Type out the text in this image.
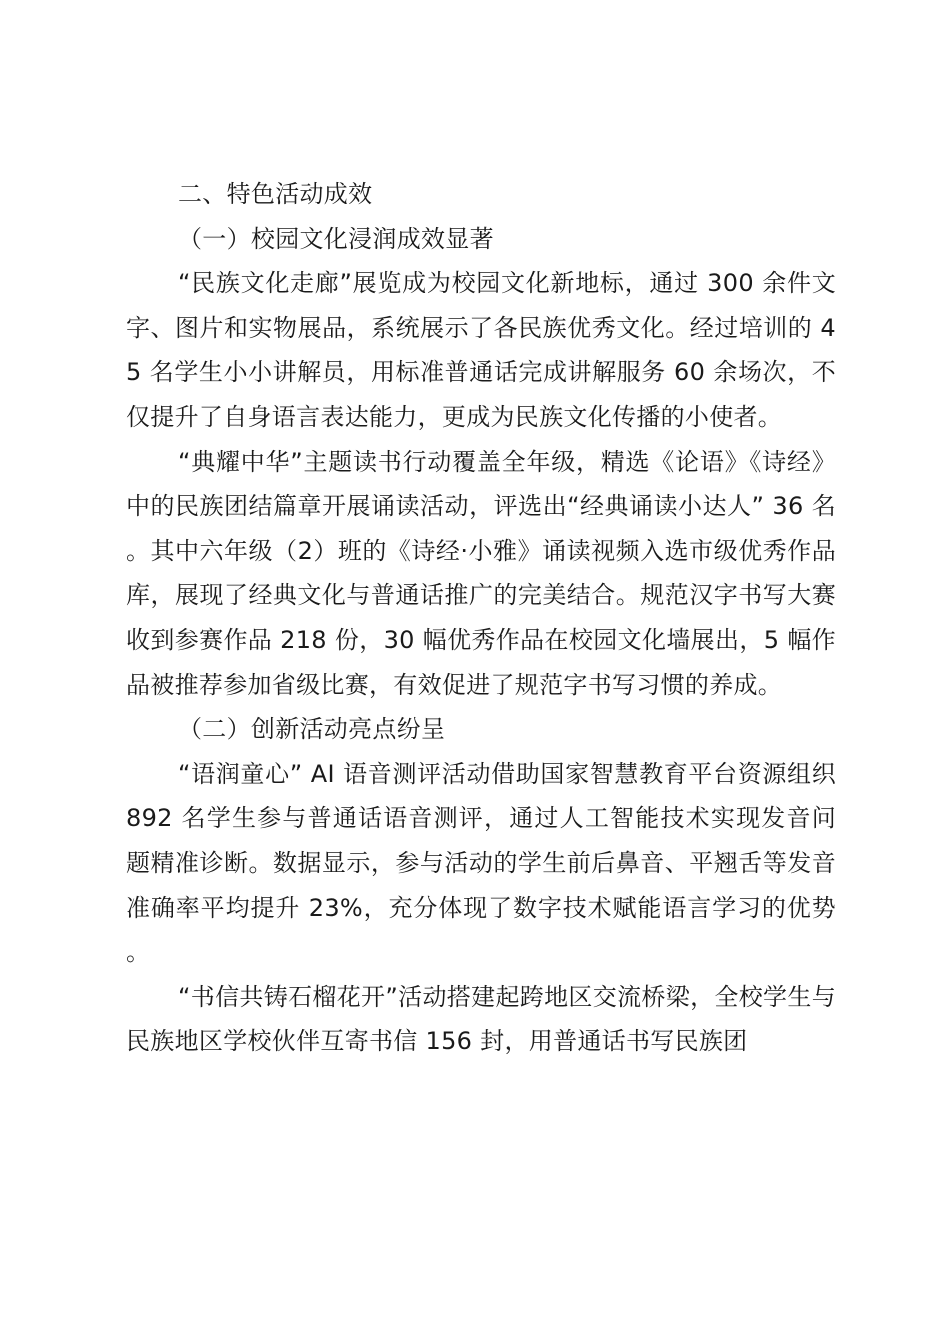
二、特色活动成效

（一）校园文化浸润成效显著

“民族文化走廊”展览成为校园文化新地标，通过 300 余件文字、图片和实物展品，系统展示了各民族优秀文化。经过培训的 45 名学生小小讲解员，用标准普通话完成讲解服务 60 余场次，不仅提升了自身语言表达能力，更成为民族文化传播的小使者。

“典耀中华”主题读书行动覆盖全年级，精选《论语》《诗经》中的民族团结篇章开展诵读活动，评选出“经典诵读小达人” 36 名。其中六年级（2）班的《诗经·小雅》诵读视频入选市级优秀作品库，展现了经典文化与普通话推广的完美结合。规范汉字书写大赛收到参赛作品 218 份，30 幅优秀作品在校园文化墙展出，5 幅作品被推荐参加省级比赛，有效促进了规范字书写习惯的养成。

（二）创新活动亮点纷呈

“语润童心” AI 语音测评活动借助国家智慧教育平台资源组织 892 名学生参与普通话语音测评，通过人工智能技术实现发音问题精准诊断。数据显示，参与活动的学生前后鼻音、平翘舌等发音准确率平均提升 23%，充分体现了数字技术赋能语言学习的优势。

“书信共铸石榴花开”活动搭建起跨地区交流桥梁，全校学生与民族地区学校伙伴互寄书信 156 封，用普通话书写民族团
